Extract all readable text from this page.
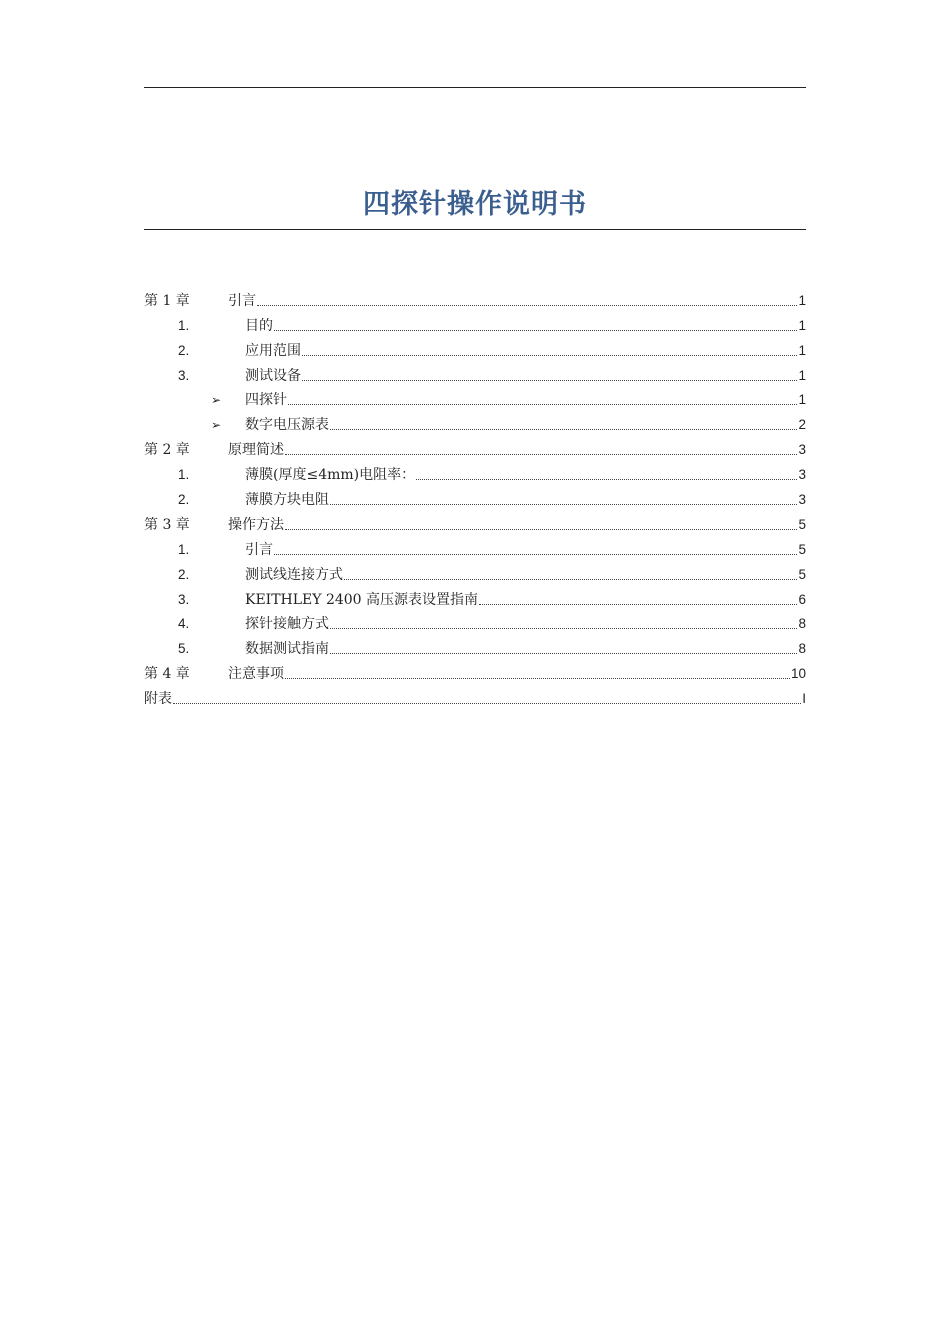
四探针操作说明书
第 1 章	引言	1
1.	目的	1
2.	应用范围	1
3.	测试设备	1
➢	四探针	1
➢	数字电压源表	2
第 2 章	原理简述	3
1.	薄膜(厚度≤4mm)电阻率：	3
2.	薄膜方块电阻	3
第 3 章	操作方法	5
1.	引言	5
2.	测试线连接方式	5
3.	KEITHLEY 2400 高压源表设置指南	6
4.	探针接触方式	8
5.	数据测试指南	8
第 4 章	注意事项	10
附表	I
